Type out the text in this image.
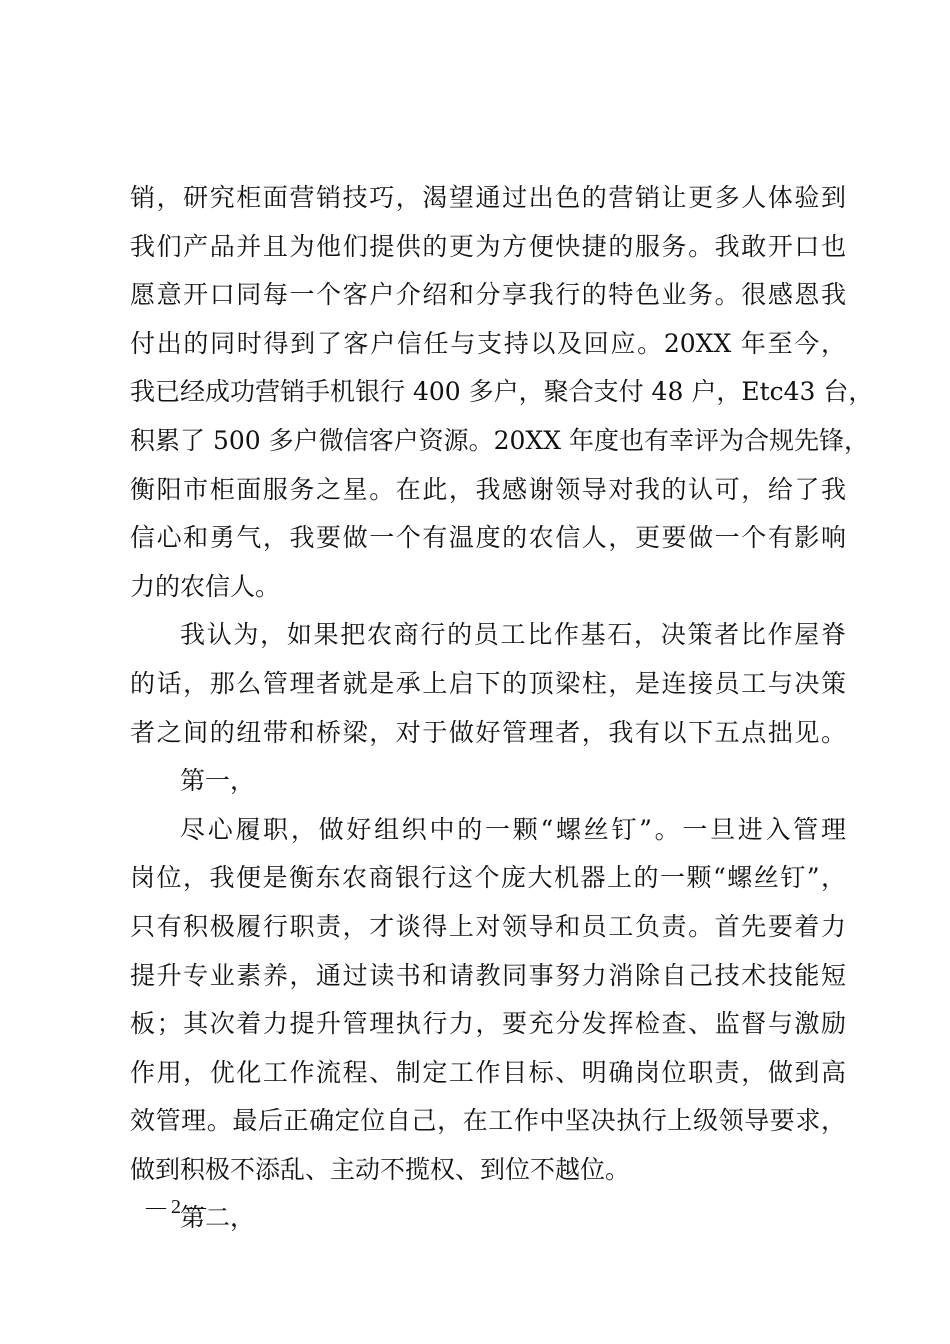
销，研究柜面营销技巧，渴望通过出色的营销让更多人体验到
我们产品并且为他们提供的更为方便快捷的服务。我敢开口也
愿意开口同每一个客户介绍和分享我行的特色业务。很感恩我
付出的同时得到了客户信任与支持以及回应。20XX 年至今，
我已经成功营销手机银行 400 多户，聚合支付 48 户，Etc43 台，
积累了 500 多户微信客户资源。20XX 年度也有幸评为合规先锋，
衡阳市柜面服务之星。在此，我感谢领导对我的认可，给了我
信心和勇气，我要做一个有温度的农信人，更要做一个有影响
力的农信人。
我认为，如果把农商行的员工比作基石，决策者比作屋脊
的话，那么管理者就是承上启下的顶梁柱，是连接员工与决策
者之间的纽带和桥梁，对于做好管理者，我有以下五点拙见。
第一，
尽心履职，做好组织中的一颗“螺丝钉”。一旦进入管理
岗位，我便是衡东农商银行这个庞大机器上的一颗“螺丝钉”，
只有积极履行职责，才谈得上对领导和员工负责。首先要着力
提升专业素养，通过读书和请教同事努力消除自己技术技能短
板；其次着力提升管理执行力，要充分发挥检查、监督与激励
作用，优化工作流程、制定工作目标、明确岗位职责，做到高
效管理。最后正确定位自己，在工作中坚决执行上级领导要求，
做到积极不添乱、主动不揽权、到位不越位。
第二，
— 2 —
